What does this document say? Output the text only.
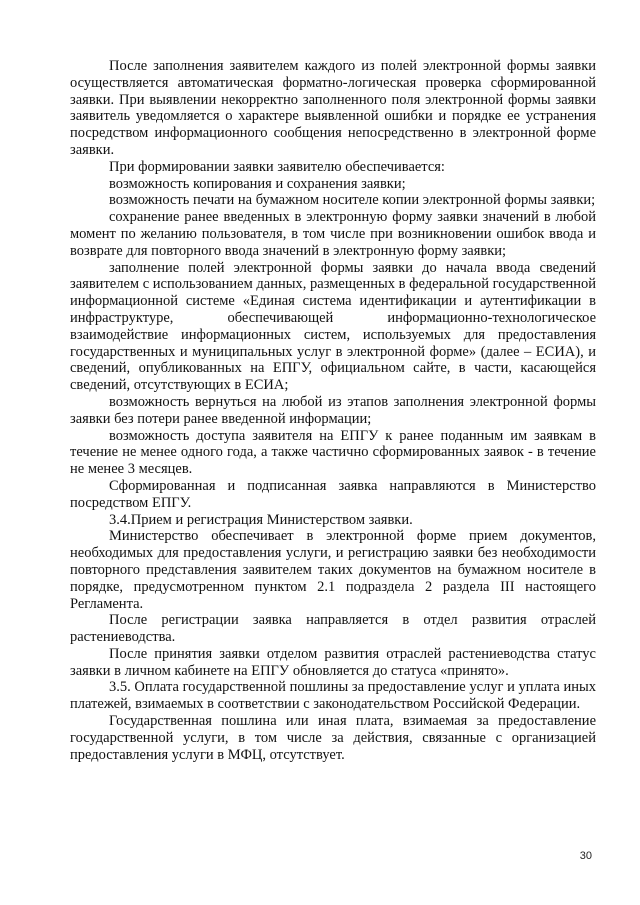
После заполнения заявителем каждого из полей электронной формы заявки осуществляется автоматическая форматно-логическая проверка сформированной заявки. При выявлении некорректно заполненного поля электронной формы заявки заявитель уведомляется о характере выявленной ошибки и порядке ее устранения посредством информационного сообщения непосредственно в электронной форме заявки.

При формировании заявки заявителю обеспечивается:

возможность копирования и сохранения заявки;

возможность печати на бумажном носителе копии электронной формы заявки;

сохранение ранее введенных в электронную форму заявки значений в любой момент по желанию пользователя, в том числе при возникновении ошибок ввода и возврате для повторного ввода значений в электронную форму заявки;

заполнение полей электронной формы заявки до начала ввода сведений заявителем с использованием данных, размещенных в федеральной государственной информационной системе «Единая система идентификации и аутентификации в инфраструктуре, обеспечивающей информационно-технологическое взаимодействие информационных систем, используемых для предоставления государственных и муниципальных услуг в электронной форме» (далее – ЕСИА), и сведений, опубликованных на ЕПГУ, официальном сайте, в части, касающейся сведений, отсутствующих в ЕСИА;

возможность вернуться на любой из этапов заполнения электронной формы заявки без потери ранее введенной информации;

возможность доступа заявителя на ЕПГУ к ранее поданным им заявкам в течение не менее одного года, а также частично сформированных заявок - в течение не менее 3 месяцев.

Сформированная и подписанная заявка направляются в Министерство посредством ЕПГУ.

3.4.Прием и регистрация Министерством заявки.

Министерство обеспечивает в электронной форме прием документов, необходимых для предоставления услуги, и регистрацию заявки без необходимости повторного представления заявителем таких документов на бумажном носителе в порядке, предусмотренном пунктом 2.1 подраздела 2 раздела III настоящего Регламента.

После регистрации заявка направляется в отдел развития отраслей растениеводства.

После принятия заявки отделом развития отраслей растениеводства статус заявки в личном кабинете на ЕПГУ обновляется до статуса «принято».

3.5. Оплата государственной пошлины за предоставление услуг и уплата иных платежей, взимаемых в соответствии с законодательством Российской Федерации.

Государственная пошлина или иная плата, взимаемая за предоставление государственной услуги, в том числе за действия, связанные с организацией предоставления услуги в МФЦ, отсутствует.

30
